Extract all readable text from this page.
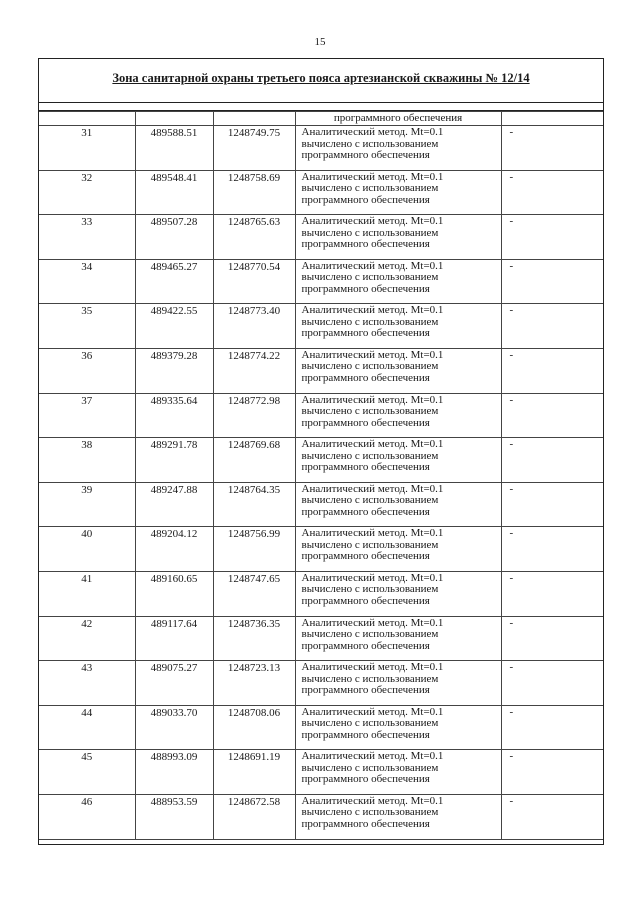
15
Зона санитарной охраны третьего пояса артезианской скважины № 12/14
			программного обеспечения	
31	489588.51	1248749.75	Аналитический метод. Mt=0.1
вычислено с использованием
программного обеспечения	-
32	489548.41	1248758.69	Аналитический метод. Mt=0.1
вычислено с использованием
программного обеспечения	-
33	489507.28	1248765.63	Аналитический метод. Mt=0.1
вычислено с использованием
программного обеспечения	-
34	489465.27	1248770.54	Аналитический метод. Mt=0.1
вычислено с использованием
программного обеспечения	-
35	489422.55	1248773.40	Аналитический метод. Mt=0.1
вычислено с использованием
программного обеспечения	-
36	489379.28	1248774.22	Аналитический метод. Mt=0.1
вычислено с использованием
программного обеспечения	-
37	489335.64	1248772.98	Аналитический метод. Mt=0.1
вычислено с использованием
программного обеспечения	-
38	489291.78	1248769.68	Аналитический метод. Mt=0.1
вычислено с использованием
программного обеспечения	-
39	489247.88	1248764.35	Аналитический метод. Mt=0.1
вычислено с использованием
программного обеспечения	-
40	489204.12	1248756.99	Аналитический метод. Mt=0.1
вычислено с использованием
программного обеспечения	-
41	489160.65	1248747.65	Аналитический метод. Mt=0.1
вычислено с использованием
программного обеспечения	-
42	489117.64	1248736.35	Аналитический метод. Mt=0.1
вычислено с использованием
программного обеспечения	-
43	489075.27	1248723.13	Аналитический метод. Mt=0.1
вычислено с использованием
программного обеспечения	-
44	489033.70	1248708.06	Аналитический метод. Mt=0.1
вычислено с использованием
программного обеспечения	-
45	488993.09	1248691.19	Аналитический метод. Mt=0.1
вычислено с использованием
программного обеспечения	-
46	488953.59	1248672.58	Аналитический метод. Mt=0.1
вычислено с использованием
программного обеспечения	-
